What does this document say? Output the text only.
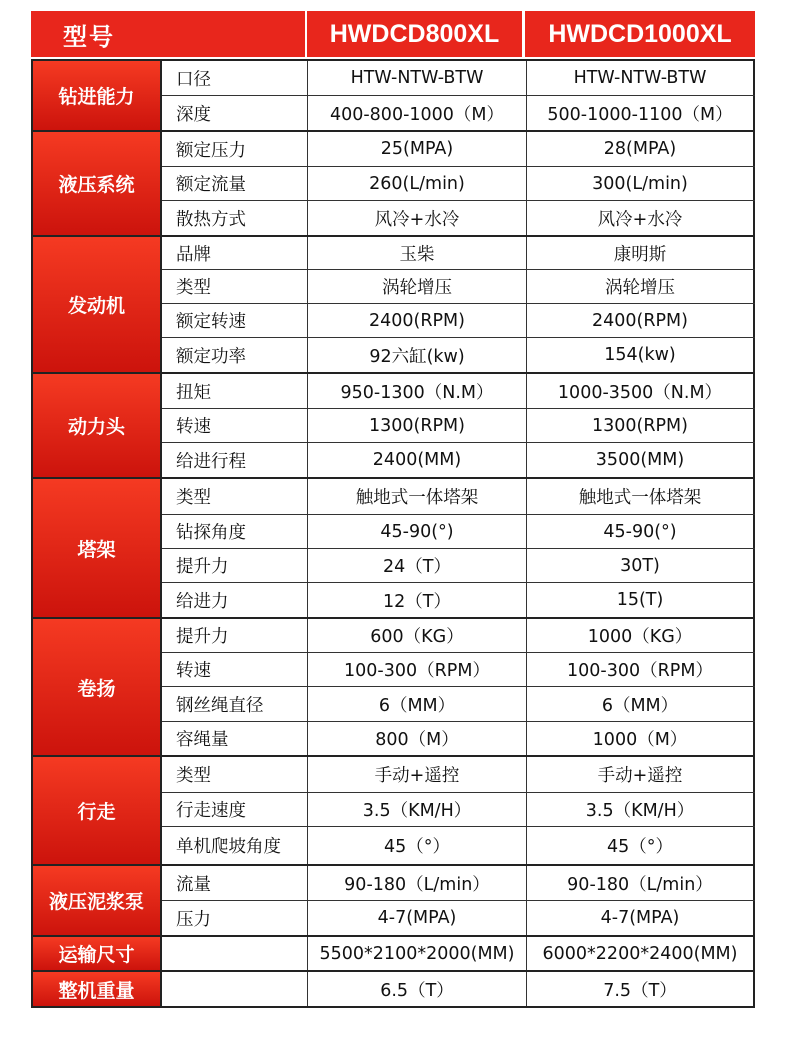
型号	HWDCD800XL	HWDCD1000XL
钻进能力
口径	HTW-NTW-BTW	HTW-NTW-BTW
深度	400-800-1000（M）	500-1000-1100（M）
液压系统
额定压力	25(MPA)	28(MPA)
额定流量	260(L/min)	300(L/min)
散热方式	风冷+水冷	风冷+水冷
发动机
品牌	玉柴	康明斯
类型	涡轮增压	涡轮增压
额定转速	2400(RPM)	2400(RPM)
额定功率	92六缸(kw)	154(kw)
动力头
扭矩	950-1300（N.M）	1000-3500（N.M）
转速	1300(RPM)	1300(RPM)
给进行程	2400(MM)	3500(MM)
塔架
类型	触地式一体塔架	触地式一体塔架
钻探角度	45-90(°)	45-90(°)
提升力	24（T）	30T)
给进力	12（T）	15(T)
卷扬
提升力	600（KG）	1000（KG）
转速	100-300（RPM）	100-300（RPM）
钢丝绳直径	6（MM）	6（MM）
容绳量	800（M）	1000（M）
行走
类型	手动+遥控	手动+遥控
行走速度	3.5（KM/H）	3.5（KM/H）
单机爬坡角度	45（°）	45（°）
液压泥浆泵
流量	90-180（L/min）	90-180（L/min）
压力	4-7(MPA)	4-7(MPA)
运输尺寸	5500*2100*2000(MM)	6000*2200*2400(MM)
整机重量	6.5（T）	7.5（T）
